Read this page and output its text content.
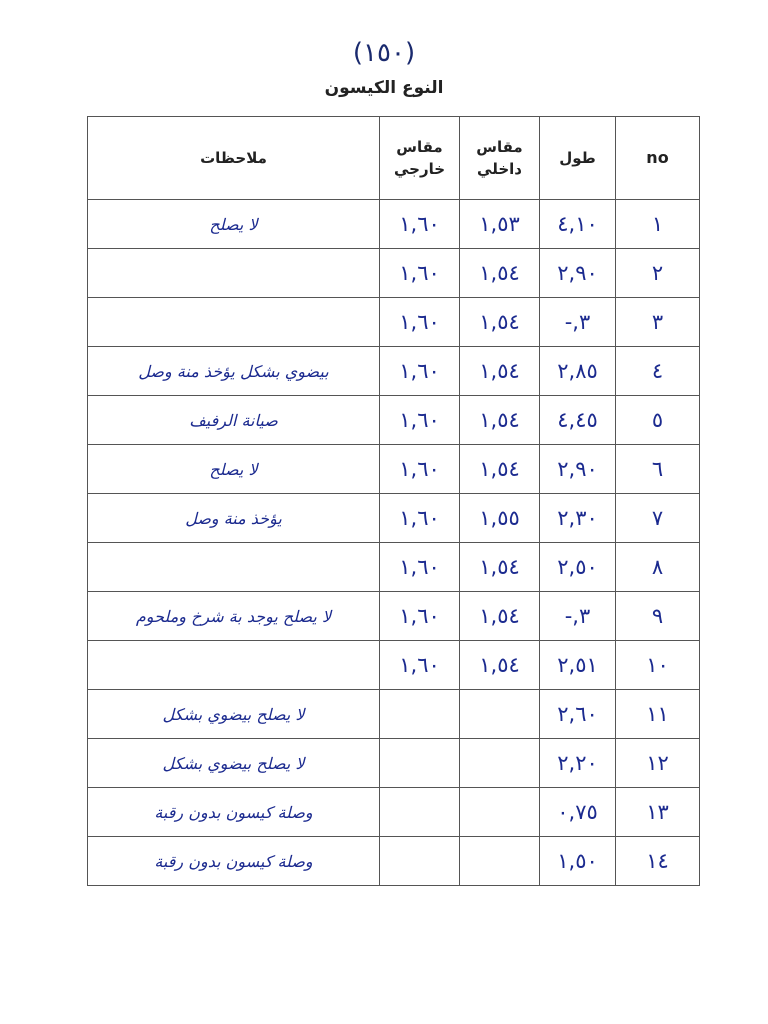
(١٥٠)
النوع الكيسون
no	طول	مقاس داخلي	مقاس خارجي	ملاحظات
١	٤,١٠	١,٥٣	١,٦٠	لا يصلح

٢	٢,٩٠	١,٥٤	١,٦٠	

٣	٣,-	١,٥٤	١,٦٠	

٤	٢,٨٥	١,٥٤	١,٦٠	بيضوي بشكل يؤخذ منة وصل

٥	٤,٤٥	١,٥٤	١,٦٠	صيانة الرفيف

٦	٢,٩٠	١,٥٤	١,٦٠	لا يصلح

٧	٢,٣٠	١,٥٥	١,٦٠	يؤخذ منة وصل

٨	٢,٥٠	١,٥٤	١,٦٠	

٩	٣,-	١,٥٤	١,٦٠	لا يصلح يوجد بة شرخ وملحوم

١٠	٢,٥١	١,٥٤	١,٦٠	

١١	٢,٦٠			لا يصلح بيضوي بشكل

١٢	٢,٢٠			لا يصلح بيضوي بشكل

١٣	٠,٧٥			وصلة كيسون بدون رقبة

١٤	١,٥٠			وصلة كيسون بدون رقبة
